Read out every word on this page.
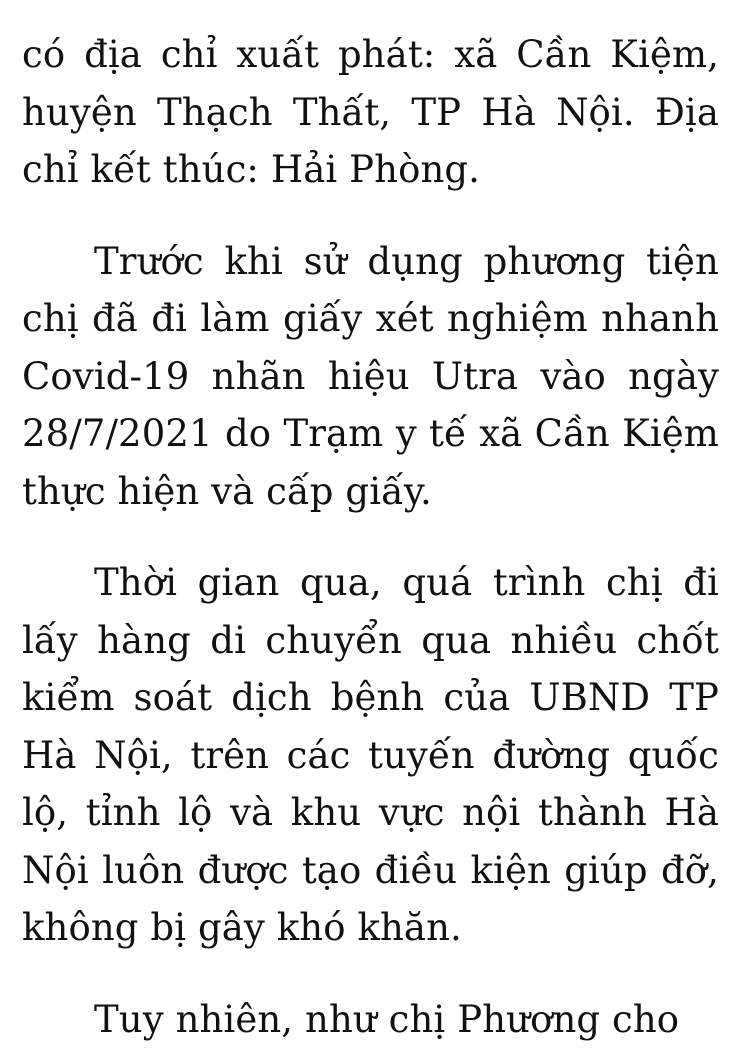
có địa chỉ xuất phát: xã Cần Kiệm, huyện Thạch Thất, TP Hà Nội. Địa chỉ kết thúc: Hải Phòng.

Trước khi sử dụng phương tiện chị đã đi làm giấy xét nghiệm nhanh Covid-19 nhãn hiệu Utra vào ngày 28/7/2021 do Trạm y tế xã Cần Kiệm thực hiện và cấp giấy.

Thời gian qua, quá trình chị đi lấy hàng di chuyển qua nhiều chốt kiểm soát dịch bệnh của UBND TP Hà Nội, trên các tuyến đường quốc lộ, tỉnh lộ và khu vực nội thành Hà Nội luôn được tạo điều kiện giúp đỡ, không bị gây khó khăn.

Tuy nhiên, như chị Phương cho
